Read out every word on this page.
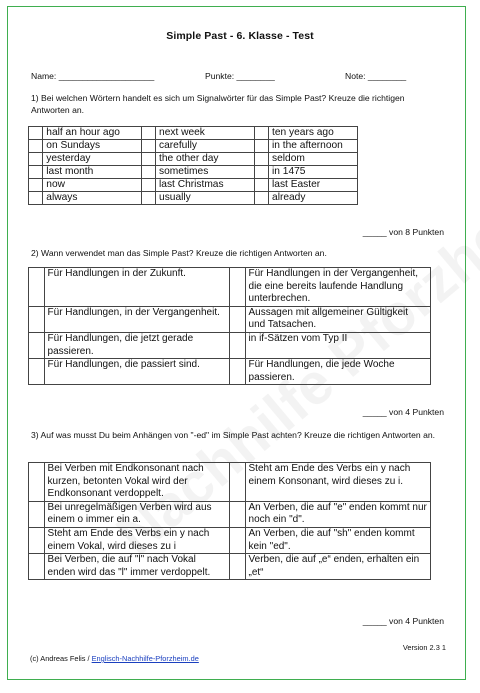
Simple Past - 6. Klasse - Test
Name: ____________________	Punkte: ________	Note: ________
1) Bei welchen Wörtern handelt es sich um Signalwörter für das Simple Past? Kreuze die richtigen Antworten an.
	half an hour ago		next week		ten years ago
	on Sundays		carefully		in the afternoon
	yesterday		the other day		seldom
	last month		sometimes		in 1475
	now		last Christmas		last Easter
	always		usually		already
_____ von 8 Punkten
2) Wann verwendet man das Simple Past? Kreuze die richtigen Antworten an.
	Für Handlungen in der Zukunft.		Für Handlungen in der Vergangenheit, die eine bereits laufende Handlung unterbrechen.
	Für Handlungen, in der Vergangenheit.		Aussagen mit allgemeiner Gültigkeit und Tatsachen.
	Für Handlungen, die jetzt gerade passieren.		in if-Sätzen vom Typ II
	Für Handlungen, die passiert sind.		Für Handlungen, die jede Woche passieren.
_____ von 4 Punkten
3) Auf was musst Du beim Anhängen von "-ed" im Simple Past achten? Kreuze die richtigen Antworten an.
	Bei Verben mit Endkonsonant nach kurzen, betonten Vokal wird der Endkonsonant verdoppelt.		Steht am Ende des Verbs ein y nach einem Konsonant, wird dieses zu i.
	Bei unregelmäßigen Verben wird aus einem o immer ein a.		An Verben, die auf "e" enden kommt nur noch ein "d".
	Steht am Ende des Verbs ein y nach einem Vokal, wird dieses zu i		An Verben, die auf "sh" enden kommt kein "ed".
	Bei Verben, die auf "l" nach Vokal enden wird das "l" immer verdoppelt.		Verben, die auf „e“ enden, erhalten ein „et“
_____ von 4 Punkten
Version 2.3 1
(c) Andreas Felis / Englisch-Nachhilfe-Pforzheim.de
